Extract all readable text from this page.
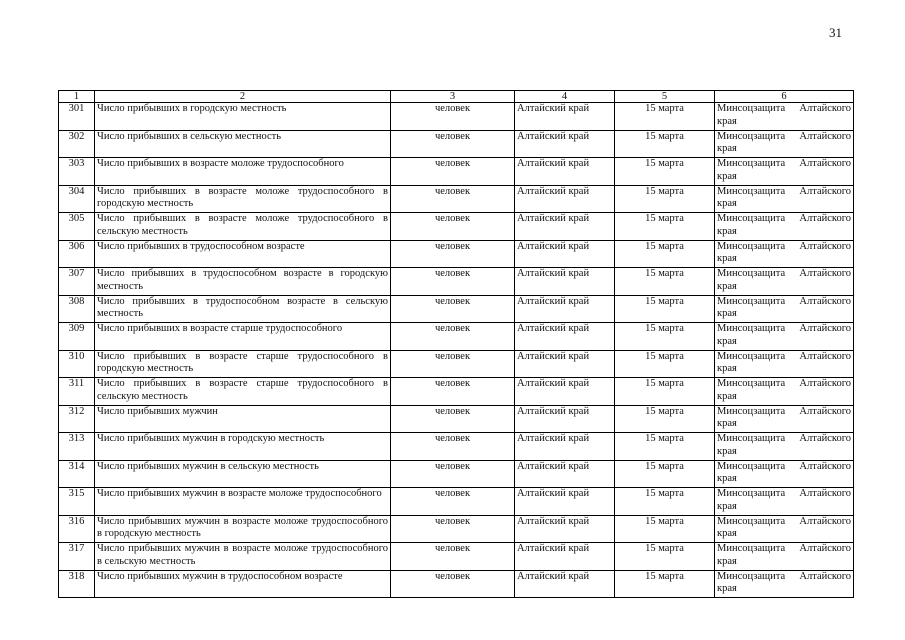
31
1	2	3	4	5	6
301	Число прибывших в городскую местность	человек	Алтайский край	15 марта	Минсоцзащита Алтайского края
302	Число прибывших в сельскую местность	человек	Алтайский край	15 марта	Минсоцзащита Алтайского края
303	Число прибывших в возрасте моложе трудоспособного	человек	Алтайский край	15 марта	Минсоцзащита Алтайского края
304	Число прибывших в возрасте моложе трудоспособного в городскую местность	человек	Алтайский край	15 марта	Минсоцзащита Алтайского края
305	Число прибывших в возрасте моложе трудоспособного в сельскую местность	человек	Алтайский край	15 марта	Минсоцзащита Алтайского края
306	Число прибывших в трудоспособном возрасте	человек	Алтайский край	15 марта	Минсоцзащита Алтайского края
307	Число прибывших в трудоспособном возрасте в городскую местность	человек	Алтайский край	15 марта	Минсоцзащита Алтайского края
308	Число прибывших в трудоспособном возрасте в сельскую местность	человек	Алтайский край	15 марта	Минсоцзащита Алтайского края
309	Число прибывших в возрасте старше трудоспособного	человек	Алтайский край	15 марта	Минсоцзащита Алтайского края
310	Число прибывших в возрасте старше трудоспособного в городскую местность	человек	Алтайский край	15 марта	Минсоцзащита Алтайского края
311	Число прибывших в возрасте старше трудоспособного в сельскую местность	человек	Алтайский край	15 марта	Минсоцзащита Алтайского края
312	Число прибывших мужчин	человек	Алтайский край	15 марта	Минсоцзащита Алтайского края
313	Число прибывших мужчин в городскую местность	человек	Алтайский край	15 марта	Минсоцзащита Алтайского края
314	Число прибывших мужчин в сельскую местность	человек	Алтайский край	15 марта	Минсоцзащита Алтайского края
315	Число прибывших мужчин в возрасте моложе трудоспособного	человек	Алтайский край	15 марта	Минсоцзащита Алтайского края
316	Число прибывших мужчин в возрасте моложе трудоспособного в городскую местность	человек	Алтайский край	15 марта	Минсоцзащита Алтайского края
317	Число прибывших мужчин в возрасте моложе трудоспособного в сельскую местность	человек	Алтайский край	15 марта	Минсоцзащита Алтайского края
318	Число прибывших мужчин в трудоспособном возрасте	человек	Алтайский край	15 марта	Минсоцзащита Алтайского края
